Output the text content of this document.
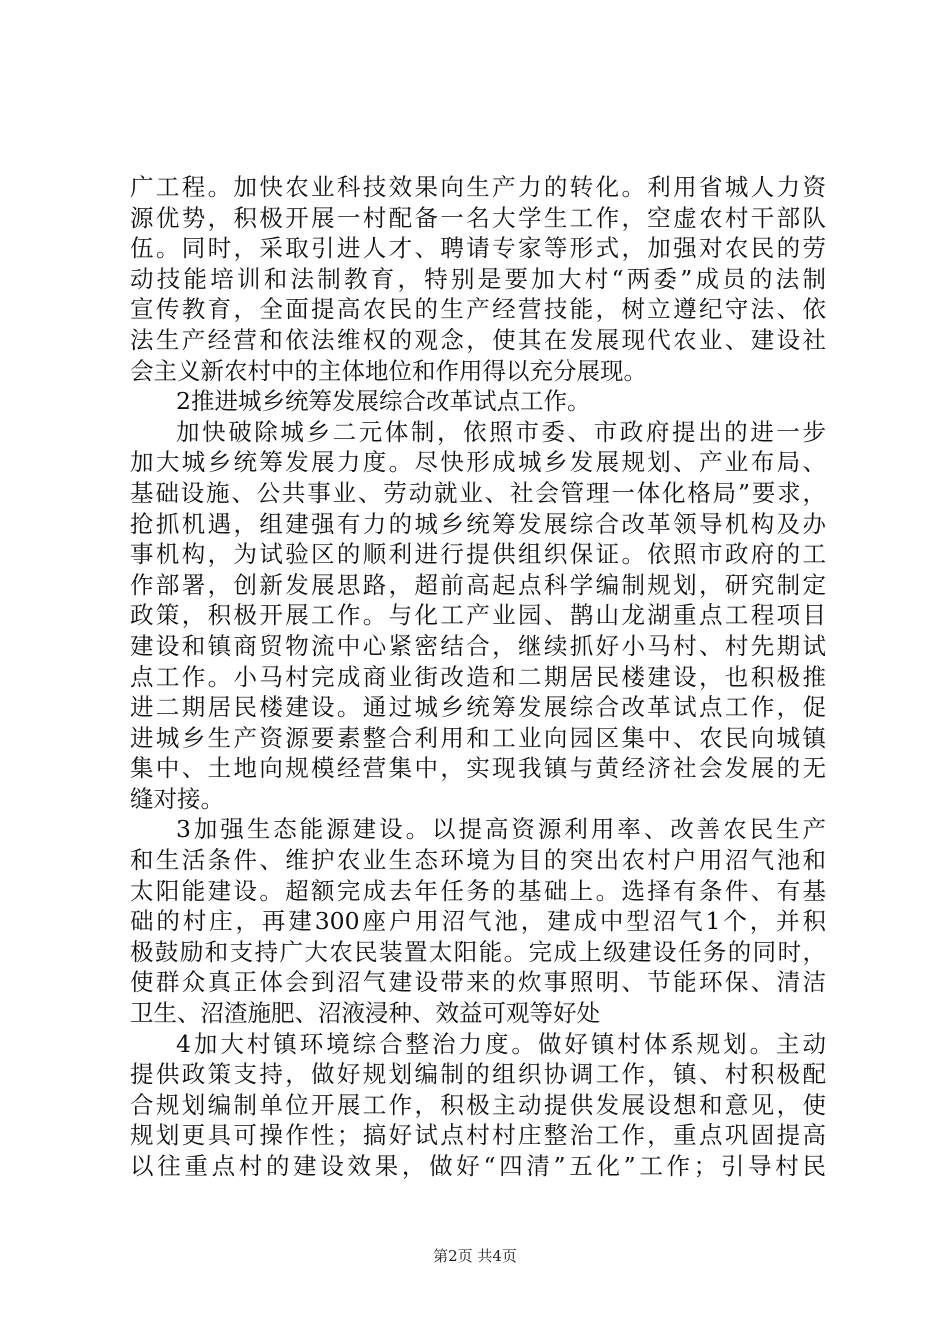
广工程。加快农业科技效果向生产力的转化。利用省城人力资
源优势，积极开展一村配备一名大学生工作，空虚农村干部队
伍。同时，采取引进人才、聘请专家等形式，加强对农民的劳
动技能培训和法制教育，特别是要加大村“两委”成员的法制
宣传教育，全面提高农民的生产经营技能，树立遵纪守法、依
法生产经营和依法维权的观念，使其在发展现代农业、建设社
会主义新农村中的主体地位和作用得以充分展现。
2推进城乡统筹发展综合改革试点工作。
加快破除城乡二元体制，依照市委、市政府提出的进一步
加大城乡统筹发展力度。尽快形成城乡发展规划、产业布局、
基础设施、公共事业、劳动就业、社会管理一体化格局”要求，
抢抓机遇，组建强有力的城乡统筹发展综合改革领导机构及办
事机构，为试验区的顺利进行提供组织保证。依照市政府的工
作部署，创新发展思路，超前高起点科学编制规划，研究制定
政策，积极开展工作。与化工产业园、鹊山龙湖重点工程项目
建设和镇商贸物流中心紧密结合，继续抓好小马村、村先期试
点工作。小马村完成商业街改造和二期居民楼建设，也积极推
进二期居民楼建设。通过城乡统筹发展综合改革试点工作，促
进城乡生产资源要素整合利用和工业向园区集中、农民向城镇
集中、土地向规模经营集中，实现我镇与黄经济社会发展的无
缝对接。
3加强生态能源建设。以提高资源利用率、改善农民生产
和生活条件、维护农业生态环境为目的突出农村户用沼气池和
太阳能建设。超额完成去年任务的基础上。选择有条件、有基
础的村庄，再建300座户用沼气池，建成中型沼气1个，并积
极鼓励和支持广大农民装置太阳能。完成上级建设任务的同时，
使群众真正体会到沼气建设带来的炊事照明、节能环保、清洁
卫生、沼渣施肥、沼液浸种、效益可观等好处
4加大村镇环境综合整治力度。做好镇村体系规划。主动
提供政策支持，做好规划编制的组织协调工作，镇、村积极配
合规划编制单位开展工作，积极主动提供发展设想和意见，使
规划更具可操作性；搞好试点村村庄整治工作，重点巩固提高
以往重点村的建设效果，做好“四清”五化”工作；引导村民
第2页 共4页
